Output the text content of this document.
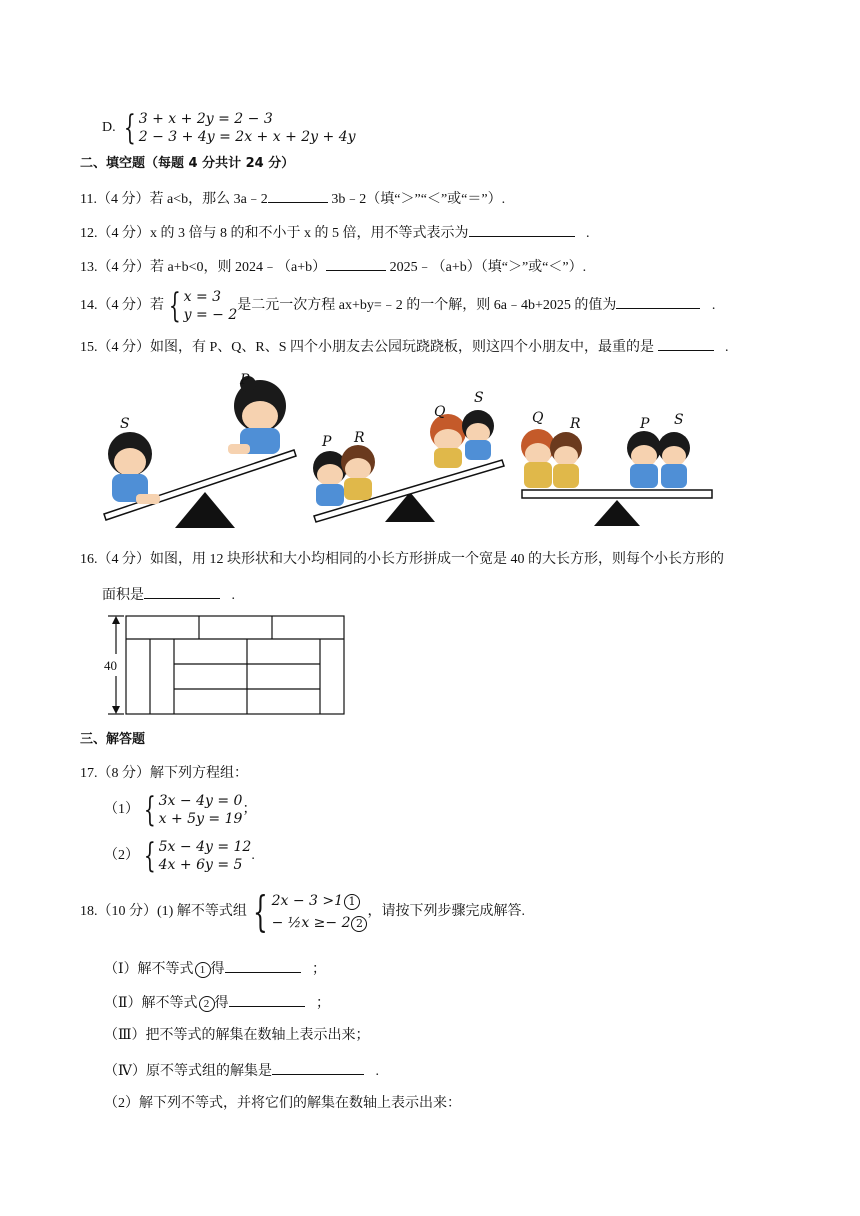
D. { 3 + x + 2y = 2 − 3
2 − 3 + 4y = 2x + x + 2y + 4y
二、填空题（每题 4 分共计 24 分）
11.（4 分）若 a<b，那么 3a﹣2	3b﹣2（填“＞”“＜”或“＝”）.
12.（4 分）x 的 3 倍与 8 的和不小于 x 的 5 倍，用不等式表示为	.
13.（4 分）若 a+b<0，则 2024﹣（a+b）	2025﹣（a+b）（填“＞”或“＜”）.
14.（4 分）若 { x = 3
y = − 2是二元一次方程 ax+by=﹣2 的一个解，则 6a﹣4b+2025 的值为	.
15.（4 分）如图，有 P、Q、R、S 四个小朋友去公园玩跷跷板，则这四个小朋友中，最重的是	.
S
P
P R
Q
S
Q R	P S
16.（4 分）如图，用 12 块形状和大小均相同的小长方形拼成一个宽是 40 的大长方形，则每个小长方形的
面积是	.
40
三、解答题
17.（8 分）解下列方程组：
（1） { 3x − 4y = 0
x + 5y = 19；
（2） { 5x − 4y = 12
4x + 6y = 5.
18.（10 分）(1) 解不等式组 { 2x − 3 >1 1
− ½x ≥− 2 2，请按下列步骤完成解答.
（Ⅰ）解不等式 1 得	；
（Ⅱ）解不等式 2 得	；
（Ⅲ）把不等式的解集在数轴上表示出来；
（Ⅳ）原不等式组的解集是	.
（2）解下列不等式，并将它们的解集在数轴上表示出来：
